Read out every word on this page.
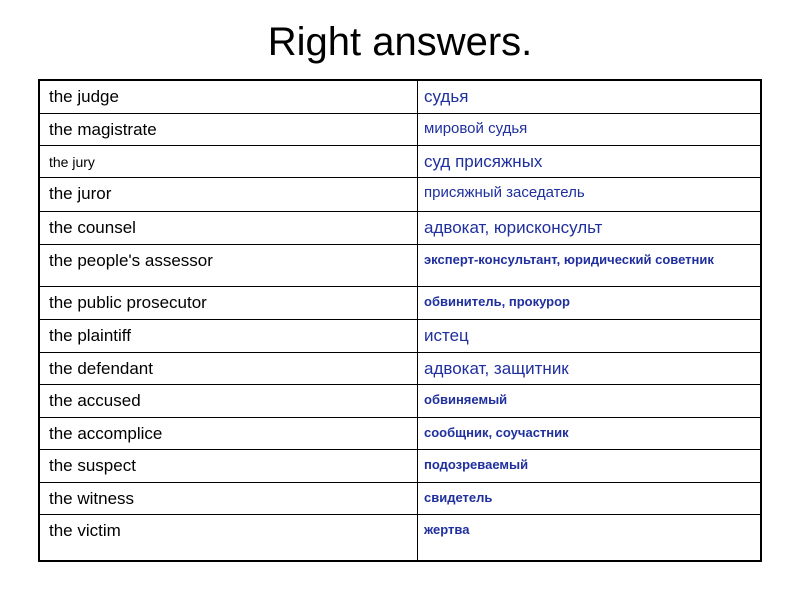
Right answers.
the judge	судья
the magistrate	мировой судья
the jury	суд присяжных
the juror	присяжный заседатель
the counsel	адвокат, юрисконсульт
the people's assessor	эксперт-консультант, юридический советник
the public prosecutor	обвинитель, прокурор
the plaintiff	истец
the defendant	адвокат, защитник
the accused	обвиняемый
the accomplice	сообщник, соучастник
the suspect	подозреваемый
the witness	свидетель
the victim	жертва
